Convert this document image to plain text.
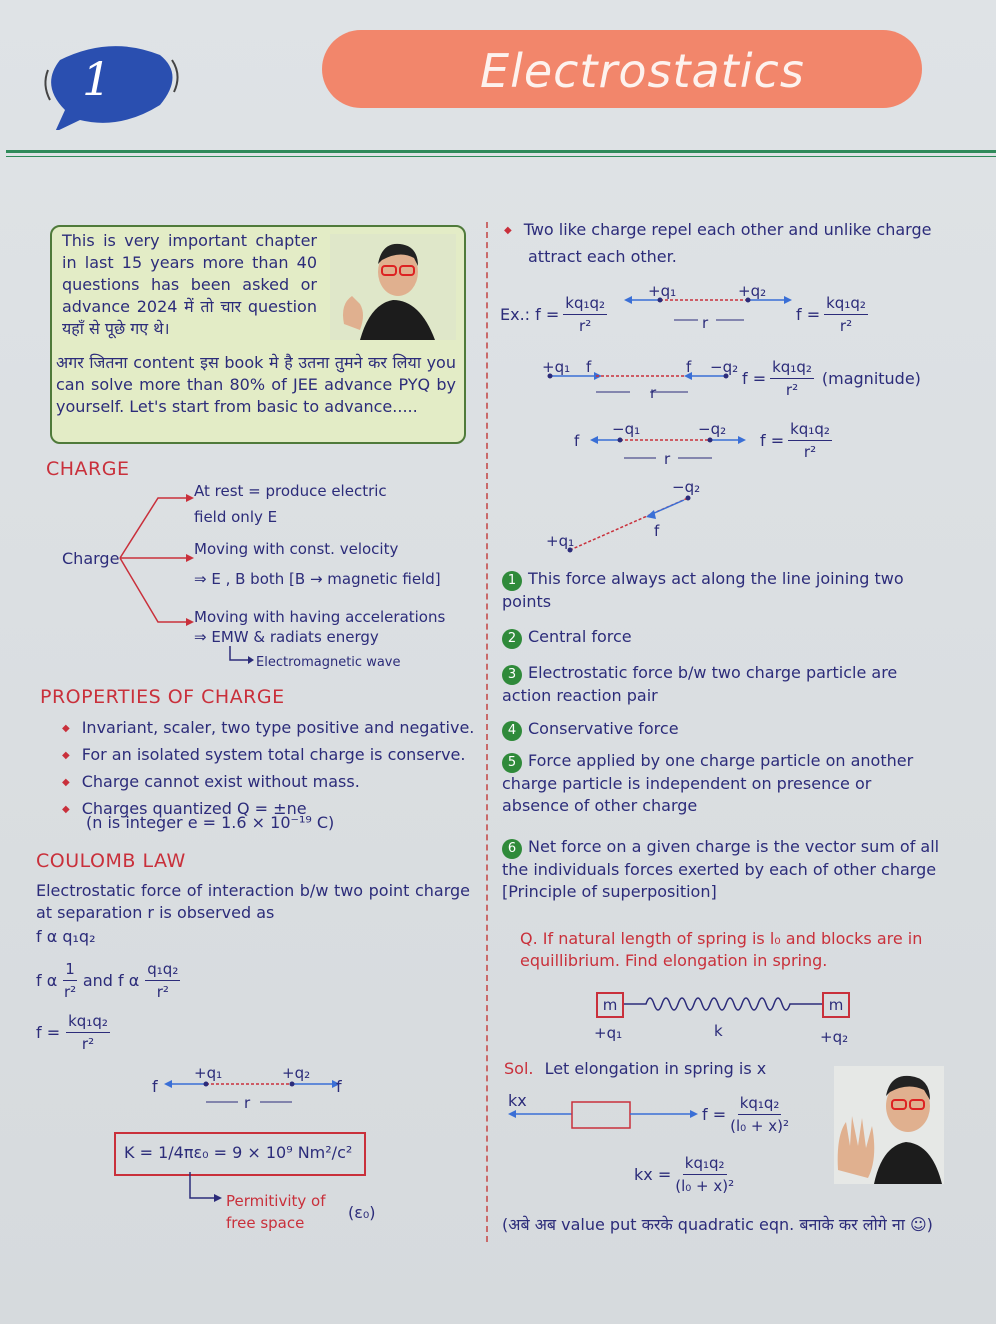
1	Electrostatics

This is very important chapter in last 15 years more than 40 questions has been asked or advance 2024 में तो चार question यहाँ से पूछे गए थे।

अगर जितना content इस book मे है उतना तुमने कर लिया you can solve more than 80% of JEE advance PYQ by yourself. Let's start from basic to advance.....

CHARGE
Charge
At rest = produce electric
field only E
Moving with const. velocity
⇒ E , B both [B → magnetic field]
Moving with having accelerations
⇒ EMW & radiats energy
Electromagnetic wave
PROPERTIES OF CHARGE
◆ Invariant, scaler, two type positive and negative.
◆ For an isolated system total charge is conserve.
◆ Charge cannot exist without mass.
◆ Charges quantized Q = ±ne
(n is integer e = 1.6 × 10⁻¹⁹ C)
COULOMB LAW
Electrostatic force of interaction b/w two point charge at separation r is observed as
f α q₁q₂
f α $\frac{1}{\text{r²}}$ and f α $\frac{\text{q₁q₂}}{\text{r²}}$
$f = \frac{\text{kq₁q₂}}{\text{r²}}$
f	f
+q₁	+q₂
r
K = 1/4πε₀ = 9 × 10⁹ Nm²/c²
Permitivity of
free space
(ε₀)
◆ Two like charge repel each other and unlike charge
attract each other.
Ex.: $f = \frac{\text{kq₁q₂}}{\text{r²}}$
+q₁	+q₂
r	$f = \frac{\text{kq₁q₂}}{\text{r²}}$
+q₁ f	f −q₂
r
$f = \frac{\text{kq₁q₂}}{\text{r²}}$ (magnitude)
f
−q₁	−q₂
r
$f = \frac{\text{kq₁q₂}}{\text{r²}}$
−q₂
f
+q₁
1 This force always act along the line joining two points
2 Central force
3 Electrostatic force b/w two charge particle are action reaction pair
4 Conservative force
5 Force applied by one charge particle on another charge particle is independent on presence or absence of other charge
6 Net force on a given charge is the vector sum of all the individuals forces exerted by each of other charge [Principle of superposition]
Q. If natural length of spring is l₀ and blocks are in equillibrium. Find elongation in spring.
m	m
+q₁	k	+q₂
Sol. Let elongation in spring is x
kx
$f = \frac{\text{kq₁q₂}}{\text{(l₀ + x)²}}$
kx = $\frac{\text{kq₁q₂}}{\text{(l₀ + x)²}}$
(अबे अब value put करके quadratic eqn. बनाके कर लोगे ना ☺)
